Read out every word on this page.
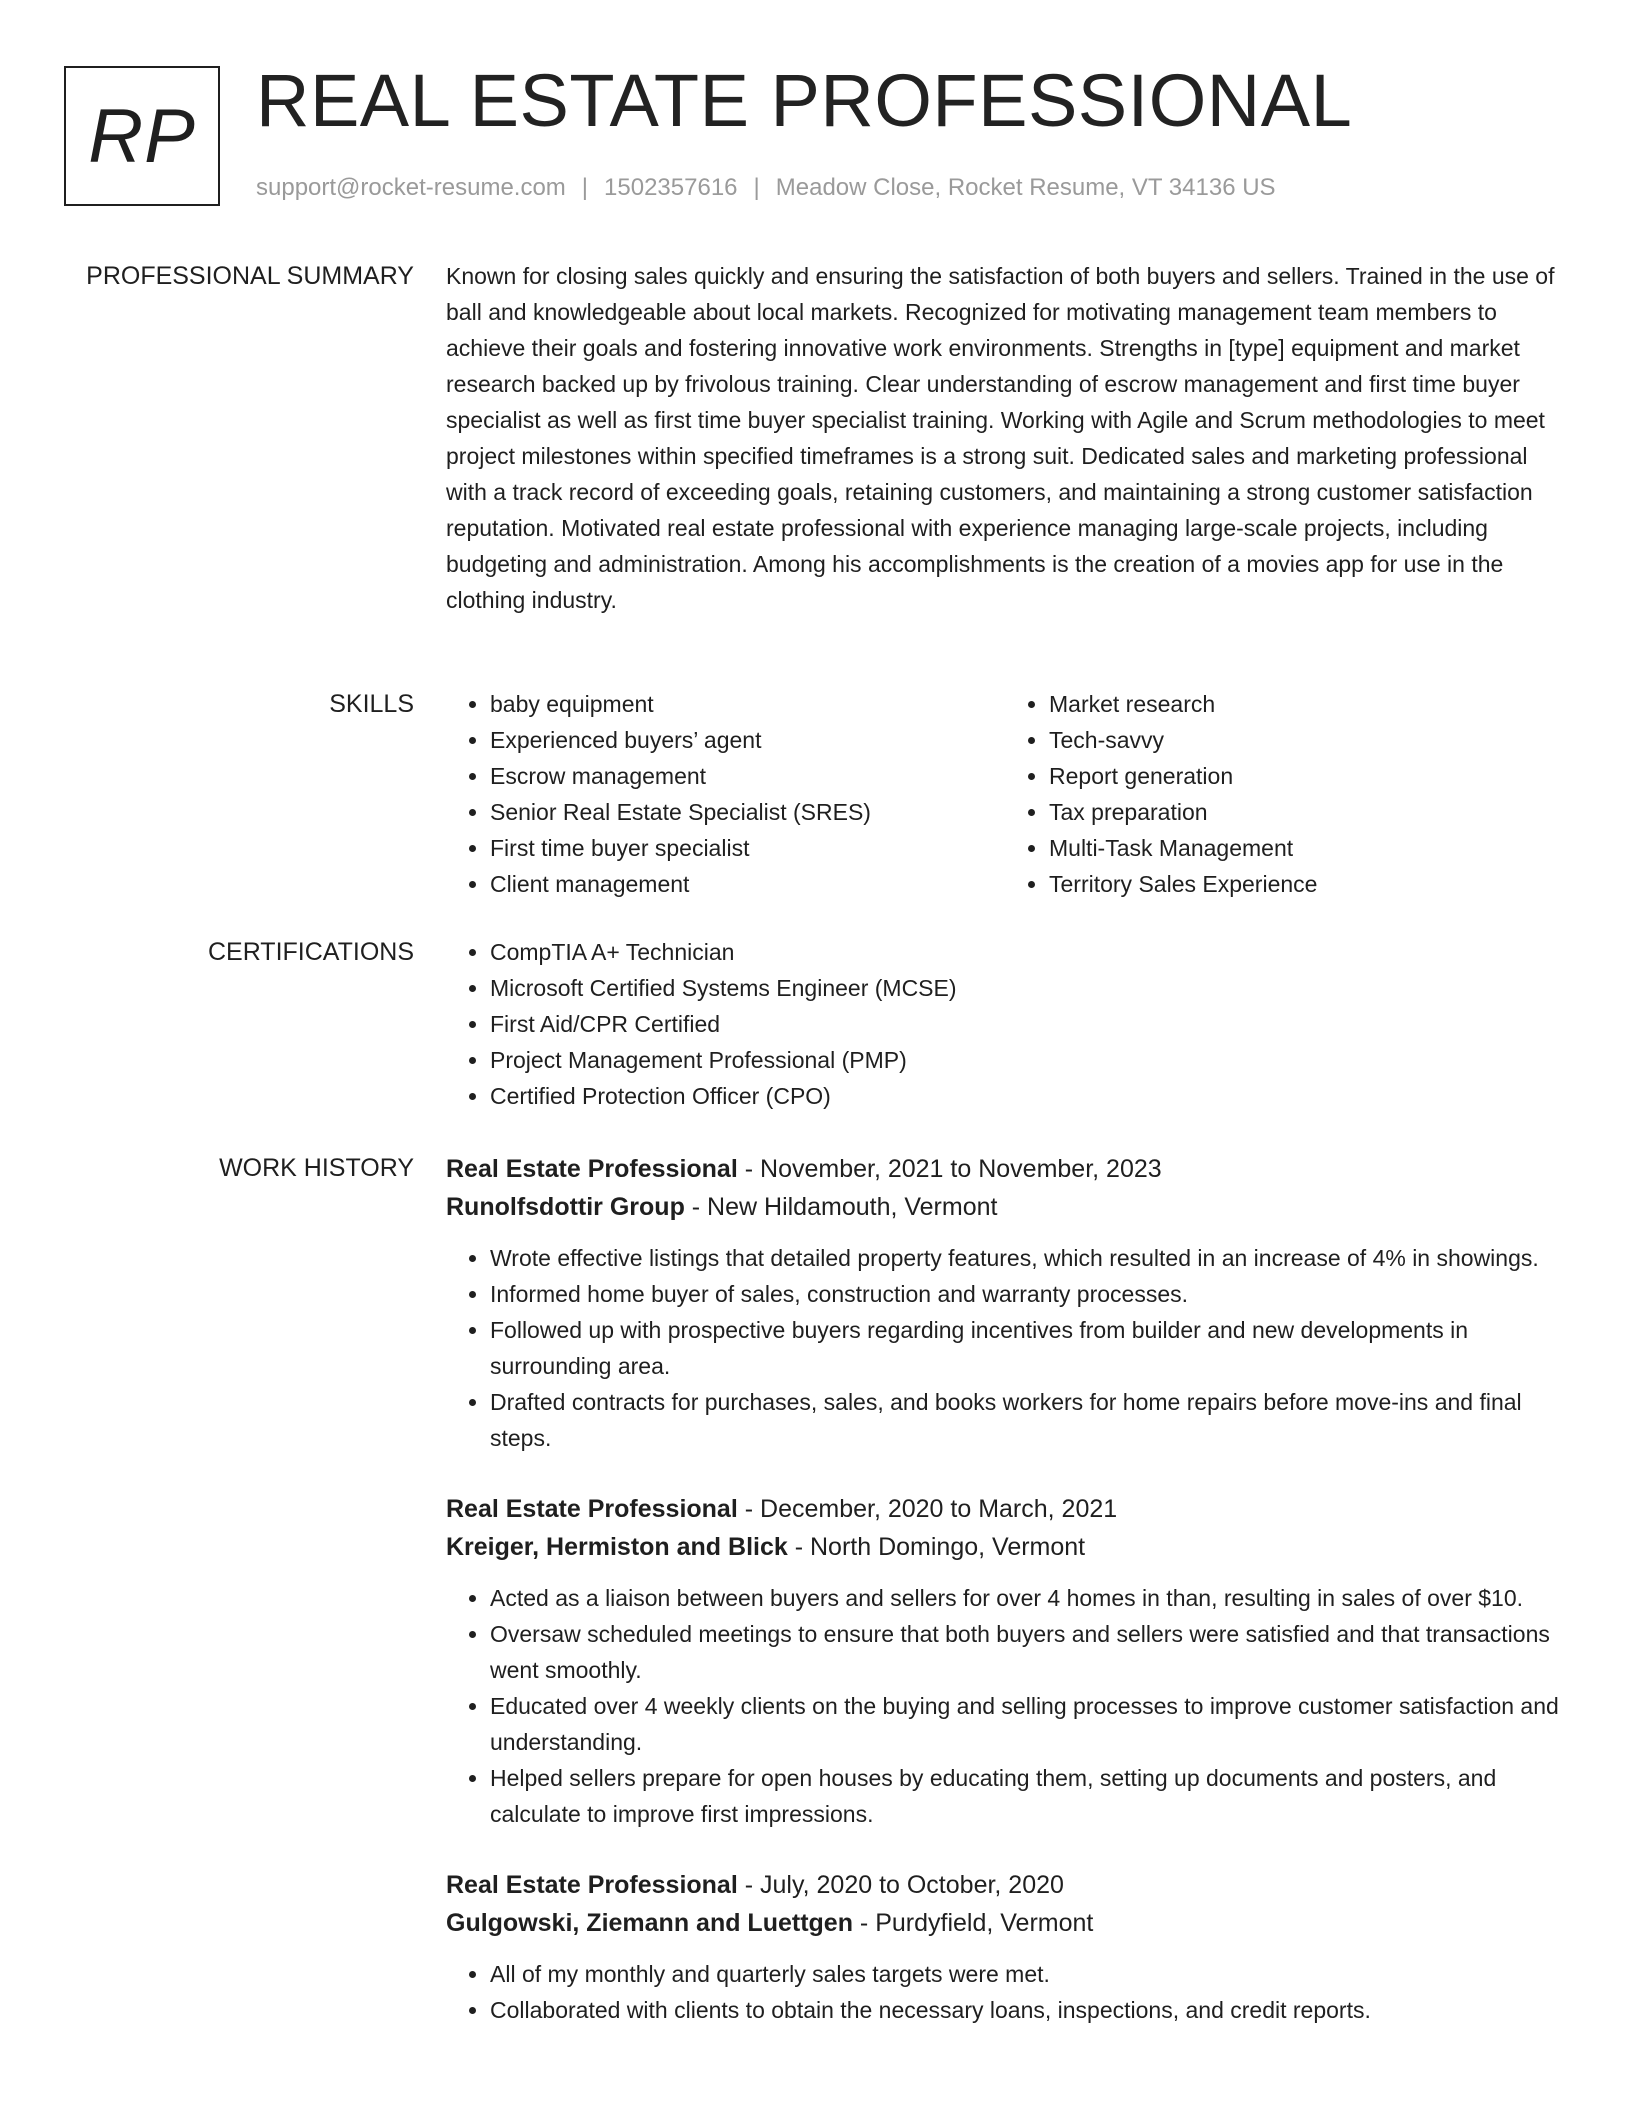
RP REAL ESTATE PROFESSIONAL
support@rocket-resume.com | 1502357616 | Meadow Close, Rocket Resume, VT 34136 US
PROFESSIONAL SUMMARY Known for closing sales quickly and ensuring the satisfaction of both buyers and sellers. Trained in the use of ball and knowledgeable about local markets. Recognized for motivating management team members to achieve their goals and fostering innovative work environments. Strengths in [type] equipment and market research backed up by frivolous training. Clear understanding of escrow management and first time buyer specialist as well as first time buyer specialist training. Working with Agile and Scrum methodologies to meet project milestones within specified timeframes is a strong suit. Dedicated sales and marketing professional with a track record of exceeding goals, retaining customers, and maintaining a strong customer satisfaction reputation. Motivated real estate professional with experience managing large-scale projects, including budgeting and administration. Among his accomplishments is the creation of a movies app for use in the clothing industry.

SKILLS	• baby equipment
• Experienced buyers’ agent
• Escrow management
• Senior Real Estate Specialist (SRES)
• First time buyer specialist
• Client management
• Market research
• Tech-savvy
• Report generation
• Tax preparation
• Multi-Task Management
• Territory Sales Experience
CERTIFICATIONS	• CompTIA A+ Technician
• Microsoft Certified Systems Engineer (MCSE)
• First Aid/CPR Certified
• Project Management Professional (PMP)
• Certified Protection Officer (CPO)
WORK HISTORY Real Estate Professional - November, 2021 to November, 2023
Runolfsdottir Group - New Hildamouth, Vermont
• Wrote effective listings that detailed property features, which resulted in an increase of 4% in showings.
• Informed home buyer of sales, construction and warranty processes.
• Followed up with prospective buyers regarding incentives from builder and new developments in surrounding area.
• Drafted contracts for purchases, sales, and books workers for home repairs before move-ins and final steps.
Real Estate Professional - December, 2020 to March, 2021
Kreiger, Hermiston and Blick - North Domingo, Vermont
• Acted as a liaison between buyers and sellers for over 4 homes in than, resulting in sales of over $10.
• Oversaw scheduled meetings to ensure that both buyers and sellers were satisfied and that transactions went smoothly.
• Educated over 4 weekly clients on the buying and selling processes to improve customer satisfaction and understanding.
• Helped sellers prepare for open houses by educating them, setting up documents and posters, and calculate to improve first impressions.
Real Estate Professional - July, 2020 to October, 2020
Gulgowski, Ziemann and Luettgen - Purdyfield, Vermont
• All of my monthly and quarterly sales targets were met.
• Collaborated with clients to obtain the necessary loans, inspections, and credit reports.
